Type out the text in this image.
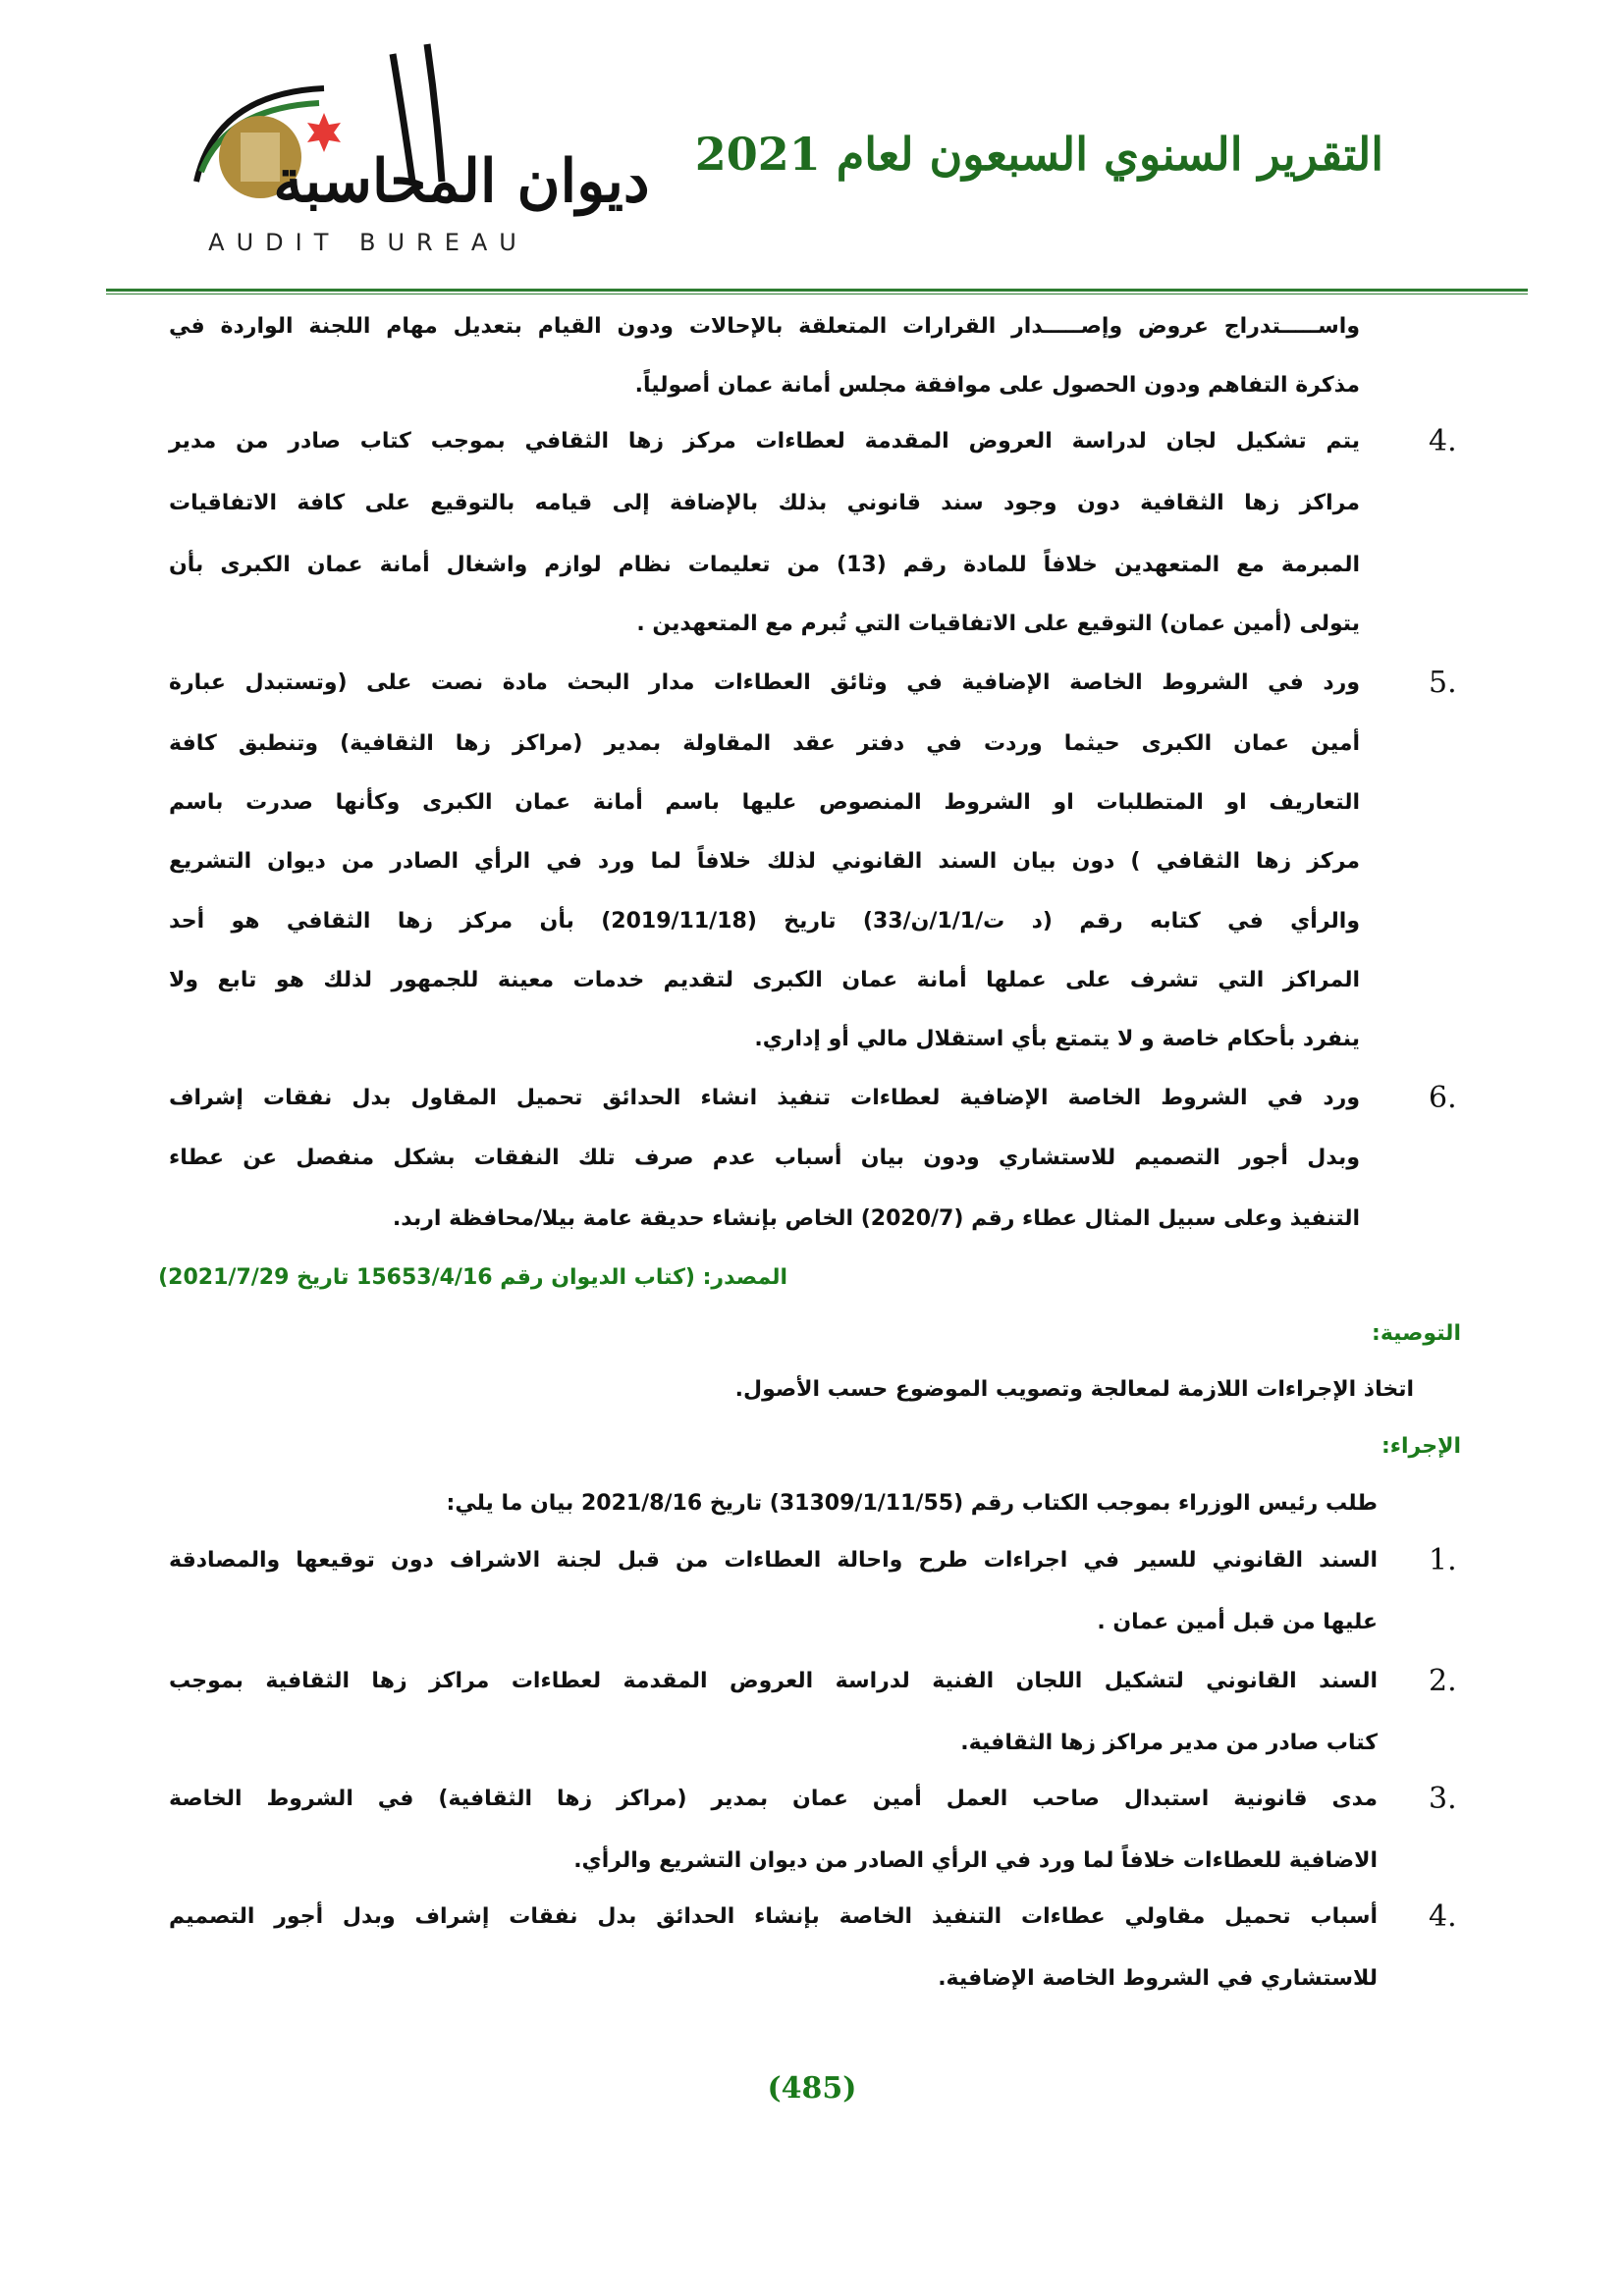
ديوان المحاسبة
AUDIT BUREAU
التقرير السنوي السبعون لعام 2021
واســـــتدراج عروض وإصـــــدار القرارات المتعلقة بالإحالات ودون القيام بتعديل مهام اللجنة الواردة في
مذكرة التفاهم ودون الحصول على موافقة مجلس أمانة عمان أصولياً.
4.
يتم تشكيل لجان لدراسة العروض المقدمة لعطاءات مركز زها الثقافي بموجب كتاب صادر من مدير
مراكز زها الثقافية دون وجود سند قانوني بذلك بالإضافة إلى قيامه بالتوقيع على كافة الاتفاقيات
المبرمة مع المتعهدين خلافاً للمادة رقم (13) من تعليمات نظام لوازم واشغال أمانة عمان الكبرى بأن
يتولى (أمين عمان) التوقيع على الاتفاقيات التي تُبرم مع المتعهدين .
5.
ورد في الشروط الخاصة الإضافية في وثائق العطاءات مدار البحث مادة نصت على (وتستبدل عبارة
أمين عمان الكبرى حيثما وردت في دفتر عقد المقاولة بمدير (مراكز زها الثقافية) وتنطبق كافة
التعاريف او المتطلبات او الشروط المنصوص عليها باسم أمانة عمان الكبرى وكأنها صدرت باسم
مركز زها الثقافي ) دون بيان السند القانوني لذلك خلافاً لما ورد في الرأي الصادر من ديوان التشريع
والرأي في كتابه رقم (د ت/1/1/ن/33) تاريخ (2019/11/18) بأن مركز زها الثقافي هو أحد
المراكز التي تشرف على عملها أمانة عمان الكبرى لتقديم خدمات معينة للجمهور لذلك هو تابع ولا
ينفرد بأحكام خاصة و لا يتمتع بأي استقلال مالي أو إداري.
6.
ورد في الشروط الخاصة الإضافية لعطاءات تنفيذ انشاء الحدائق تحميل المقاول بدل نفقات إشراف
وبدل أجور التصميم للاستشاري ودون بيان أسباب عدم صرف تلك النفقات بشكل منفصل عن عطاء
التنفيذ وعلى سبيل المثال عطاء رقم (2020/7) الخاص بإنشاء حديقة عامة بيلا/محافظة اربد.
المصدر: (كتاب الديوان رقم 15653/4/16 تاريخ 2021/7/29)
التوصية:
اتخاذ الإجراءات اللازمة لمعالجة وتصويب الموضوع حسب الأصول.
الإجراء:
طلب رئيس الوزراء بموجب الكتاب رقم (31309/1/11/55) تاريخ 2021/8/16 بيان ما يلي:
1.
السند القانوني للسير في اجراءات طرح واحالة العطاءات من قبل لجنة الاشراف دون توقيعها والمصادقة
عليها من قبل أمين عمان .
2.
السند القانوني لتشكيل اللجان الفنية لدراسة العروض المقدمة لعطاءات مراكز زها الثقافية بموجب
كتاب صادر من مدير مراكز زها الثقافية.
3.
مدى قانونية استبدال صاحب العمل أمين عمان بمدير (مراكز زها الثقافية) في الشروط الخاصة
الاضافية للعطاءات خلافاً لما ورد في الرأي الصادر من ديوان التشريع والرأي.
4.
أسباب تحميل مقاولي عطاءات التنفيذ الخاصة بإنشاء الحدائق بدل نفقات إشراف وبدل أجور التصميم
للاستشاري في الشروط الخاصة الإضافية.
(485)
